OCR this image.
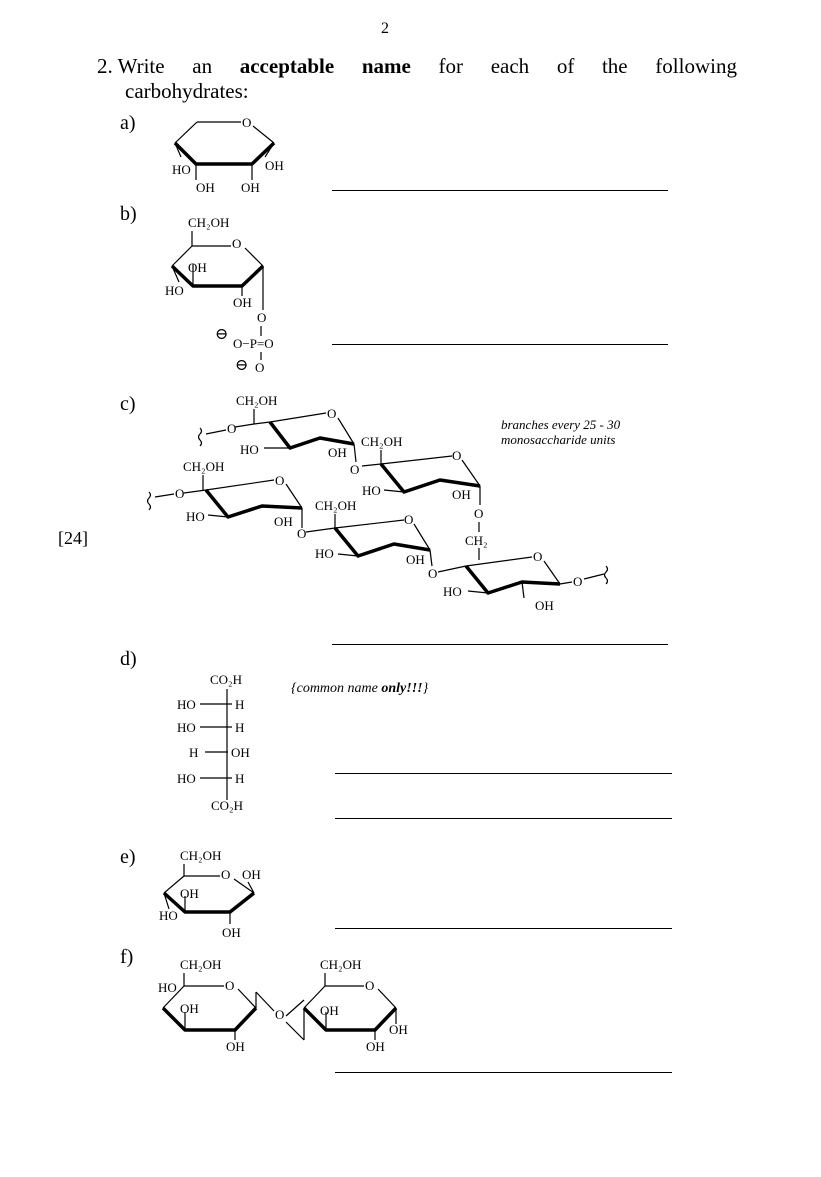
2
2. Write an acceptable name for each of the following
carbohydrates:
[24]
a)
b)
c)
d)
e)
f)
branches every 25 - 30
monosaccharide units
{common name only!!!}
O
HO	OH
OH OH
CH₂OH
O
OH
HO
OH
O
O−P=O
O
⊖
⊖
CH₂OH
O
O
HO	OH
O
CH₂OH
O
HO	OH
O
CH₂
CH₂OH
O
O
HO	OH
O
CH₂OH
O
HO	OH
O
O
HO
OH
O
CO₂H
HO	H
HO	H
H	OH
HO	H
CO₂H
CH₂OH
O OH
OH
HO
OH
CH₂OH
O
HO
OH
OH
O
CH₂OH
O
OH
OH
OH
